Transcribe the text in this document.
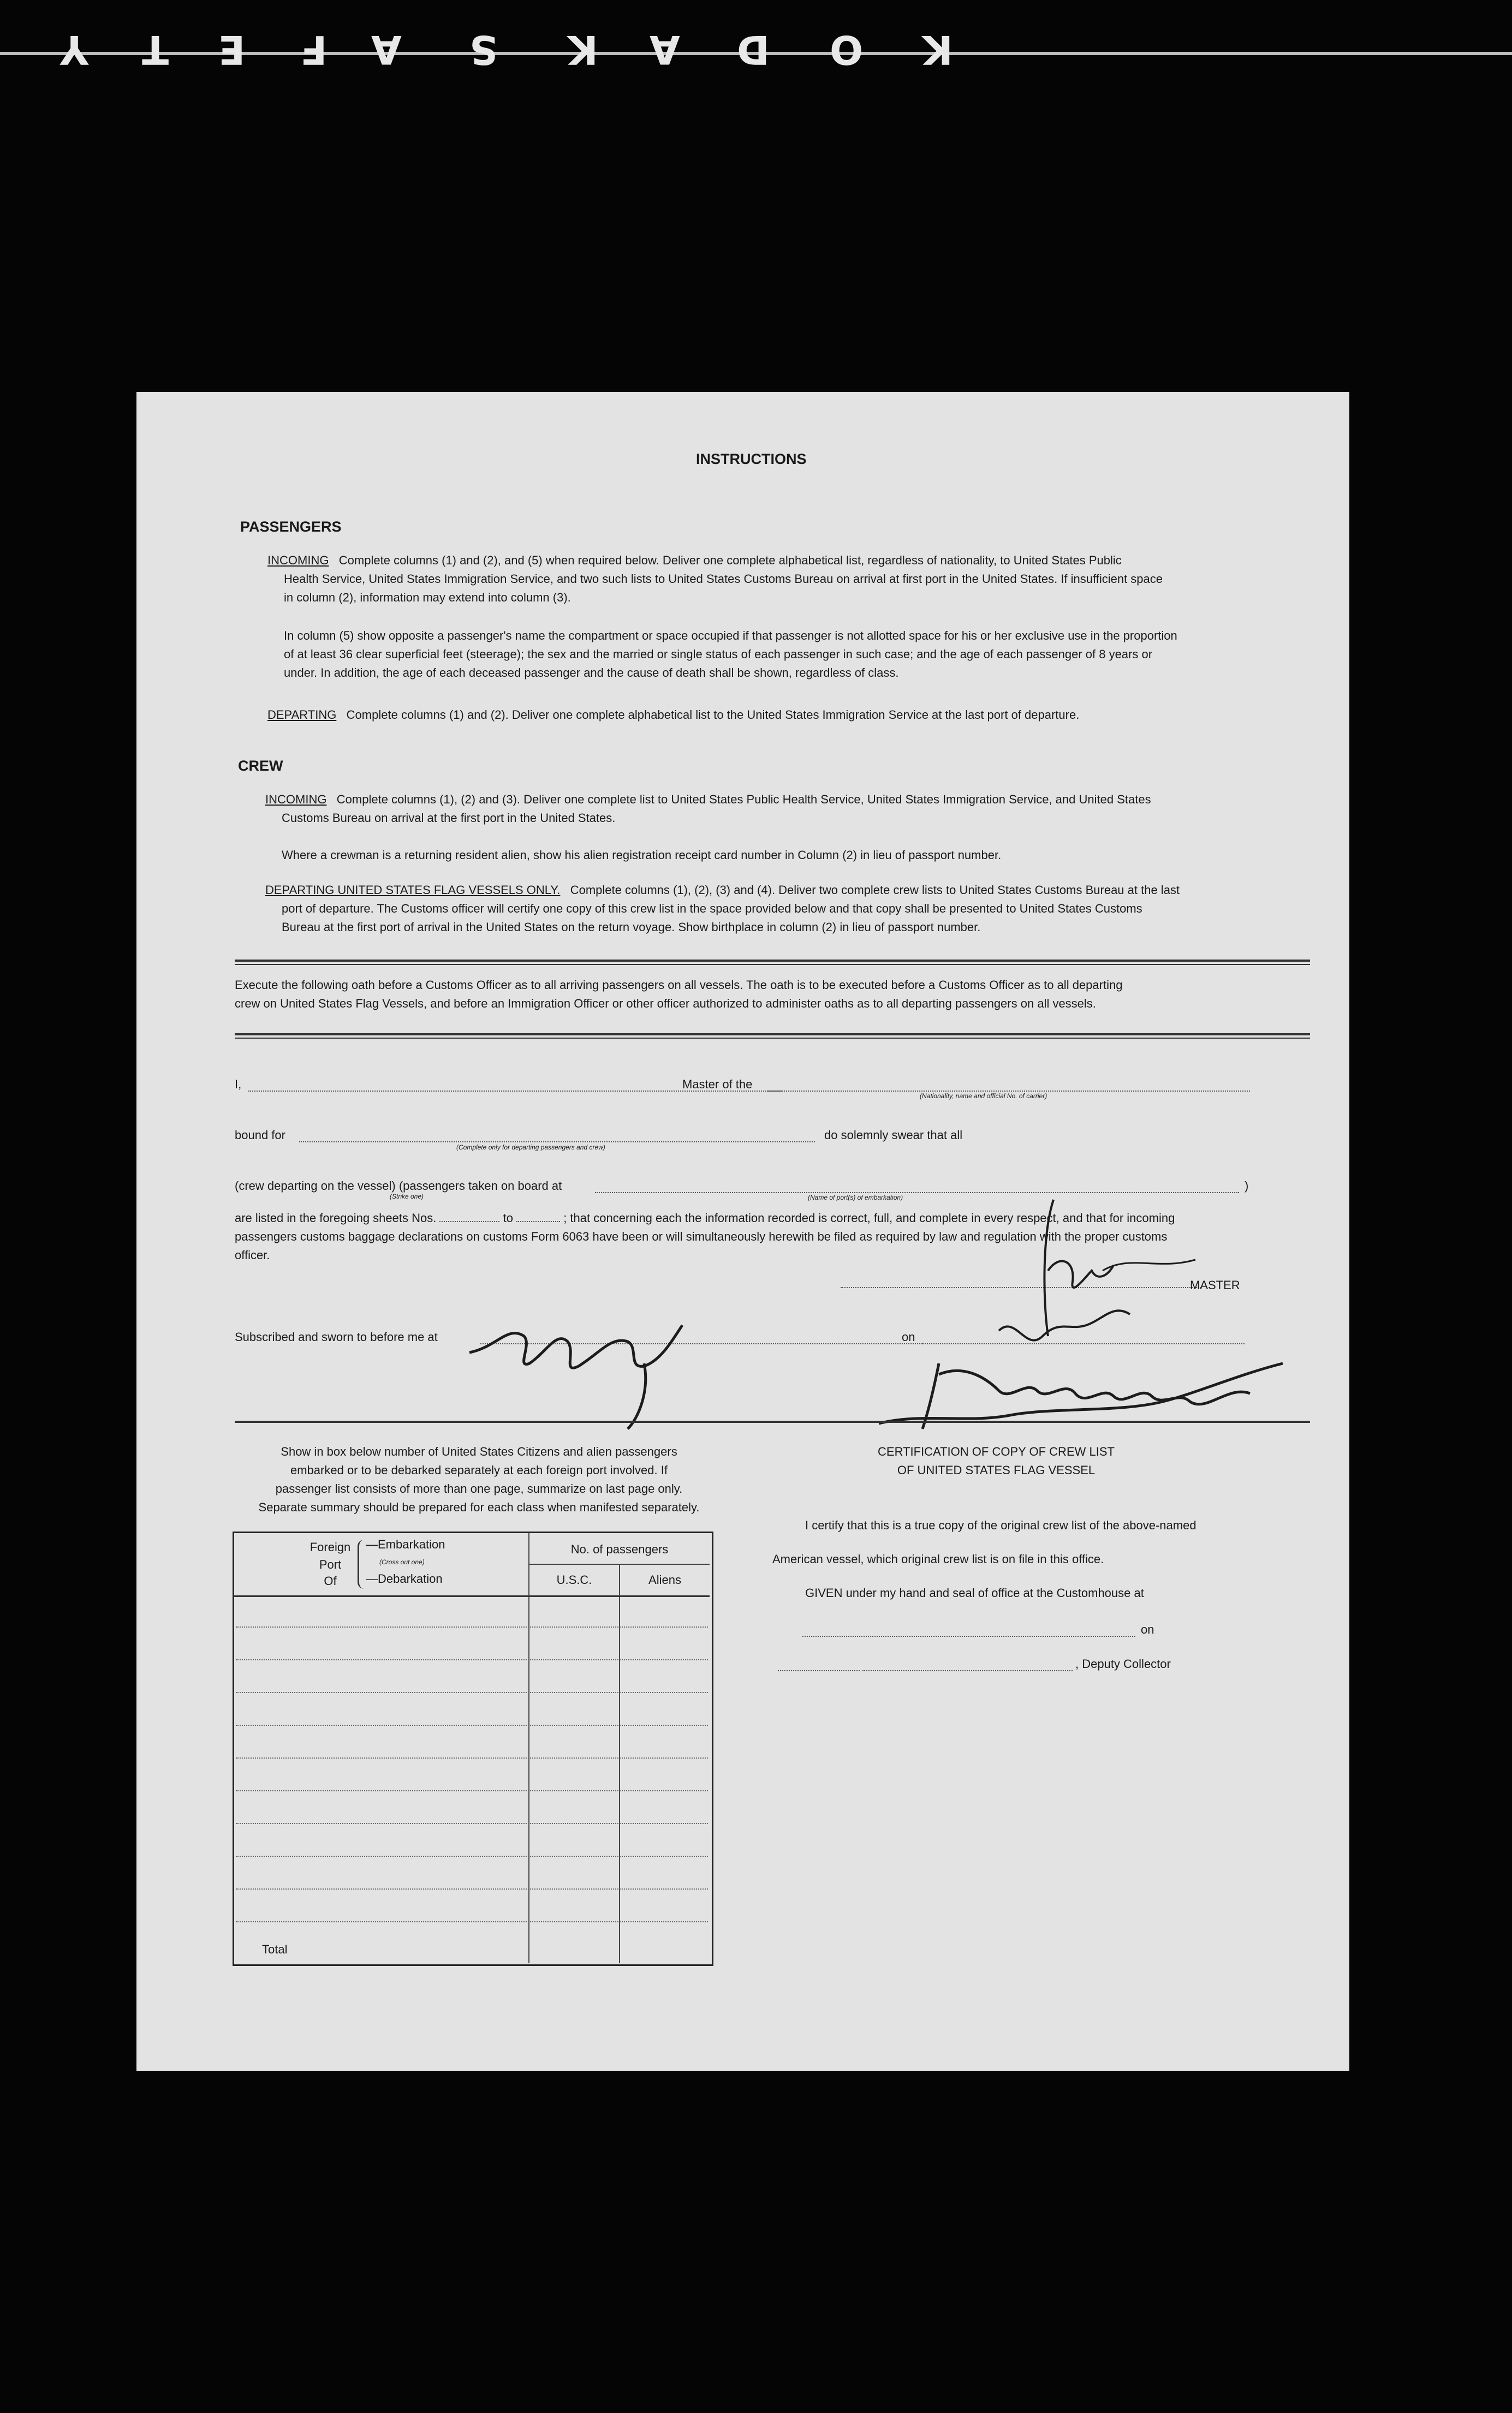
K
O
D
A
K
S
A
F
E
T
Y
INSTRUCTIONS
PASSENGERS
INCOMING Complete columns (1) and (2), and (5) when required below. Deliver one complete alphabetical list, regardless of nationality, to United States Public
Health Service, United States Immigration Service, and two such lists to United States Customs Bureau on arrival at first port in the United States. If insufficient space
in column (2), information may extend into column (3).
In column (5) show opposite a passenger's name the compartment or space occupied if that passenger is not allotted space for his or her exclusive use in the proportion
of at least 36 clear superficial feet (steerage); the sex and the married or single status of each passenger in such case; and the age of each passenger of 8 years or
under. In addition, the age of each deceased passenger and the cause of death shall be shown, regardless of class.
DEPARTING Complete columns (1) and (2). Deliver one complete alphabetical list to the United States Immigration Service at the last port of departure.
CREW
INCOMING Complete columns (1), (2) and (3). Deliver one complete list to United States Public Health Service, United States Immigration Service, and United States
Customs Bureau on arrival at the first port in the United States.
Where a crewman is a returning resident alien, show his alien registration receipt card number in Column (2) in lieu of passport number.
DEPARTING UNITED STATES FLAG VESSELS ONLY. Complete columns (1), (2), (3) and (4). Deliver two complete crew lists to United States Customs Bureau at the last
port of departure. The Customs officer will certify one copy of this crew list in the space provided below and that copy shall be presented to United States Customs
Bureau at the first port of arrival in the United States on the return voyage. Show birthplace in column (2) in lieu of passport number.
Execute the following oath before a Customs Officer as to all arriving passengers on all vessels. The oath is to be executed before a Customs Officer as to all departing
crew on United States Flag Vessels, and before an Immigration Officer or other officer authorized to administer oaths as to all departing passengers on all vessels.
I,	Master of the
(Nationality, name and official No. of carrier)
bound for
(Complete only for departing passengers and crew)
do solemnly swear that all
(crew departing on the vessel) (passengers taken on board at
(Strike one)	(Name of port(s) of embarkation)
)
are listed in the foregoing sheets Nos.	to	; that concerning each the information recorded is correct, full, and complete in every respect, and that for incoming
passengers customs baggage declarations on customs Form 6063 have been or will simultaneously herewith be filed as required by law and regulation with the proper customs
officer.
MASTER
Subscribed and sworn to before me at	on
Show in box below number of United States Citizens and alien passengers
embarked or to be debarked separately at each foreign port involved. If
passenger list consists of more than one page, summarize on last page only.
Separate summary should be prepared for each class when manifested separately.
Foreign
Port
Of
—Embarkation
(Cross out one)
—Debarkation
No. of passengers
U.S.C.	Aliens
Total
CERTIFICATION OF COPY OF CREW LIST
OF UNITED STATES FLAG VESSEL
I certify that this is a true copy of the original crew list of the above-named
American vessel, which original crew list is on file in this office.
GIVEN under my hand and seal of office at the Customhouse at
on
, Deputy Collector
